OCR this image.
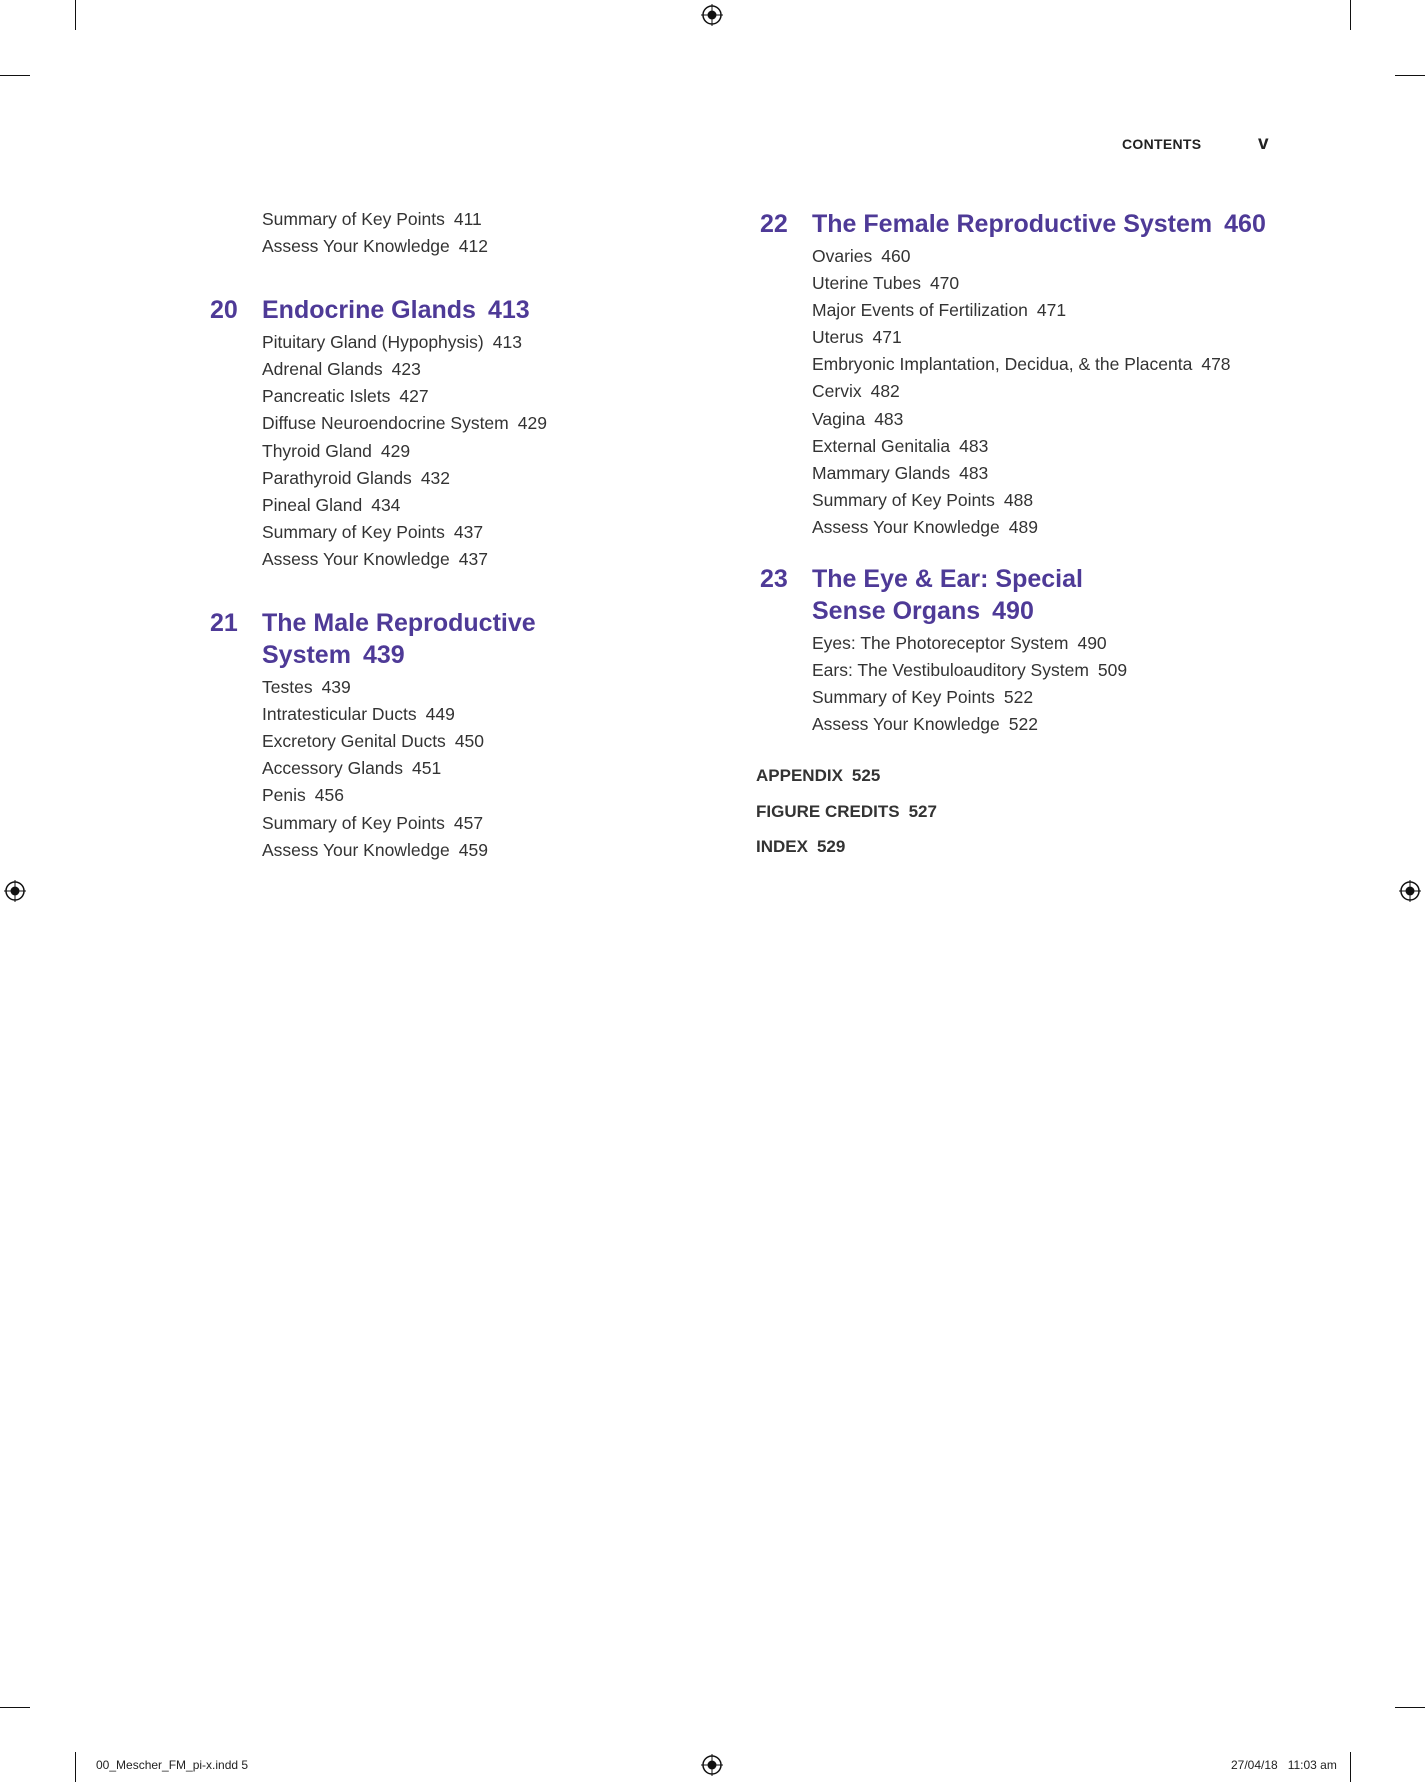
CONTENTS	v
Summary of Key Points 411
Assess Your Knowledge 412
20 Endocrine Glands 413
Pituitary Gland (Hypophysis) 413
Adrenal Glands 423
Pancreatic Islets 427
Diffuse Neuroendocrine System 429
Thyroid Gland 429
Parathyroid Glands 432
Pineal Gland 434
Summary of Key Points 437
Assess Your Knowledge 437
21 The Male Reproductive System 439
Testes 439
Intratesticular Ducts 449
Excretory Genital Ducts 450
Accessory Glands 451
Penis 456
Summary of Key Points 457
Assess Your Knowledge 459
22 The Female Reproductive System 460
Ovaries 460
Uterine Tubes 470
Major Events of Fertilization 471
Uterus 471
Embryonic Implantation, Decidua, & the Placenta 478
Cervix 482
Vagina 483
External Genitalia 483
Mammary Glands 483
Summary of Key Points 488
Assess Your Knowledge 489
23 The Eye & Ear: Special Sense Organs 490
Eyes: The Photoreceptor System 490
Ears: The Vestibuloauditory System 509
Summary of Key Points 522
Assess Your Knowledge 522
APPENDIX 525
FIGURE CREDITS 527
INDEX 529
00_Mescher_FM_pi-x.indd 5	27/04/18   11:03 am
